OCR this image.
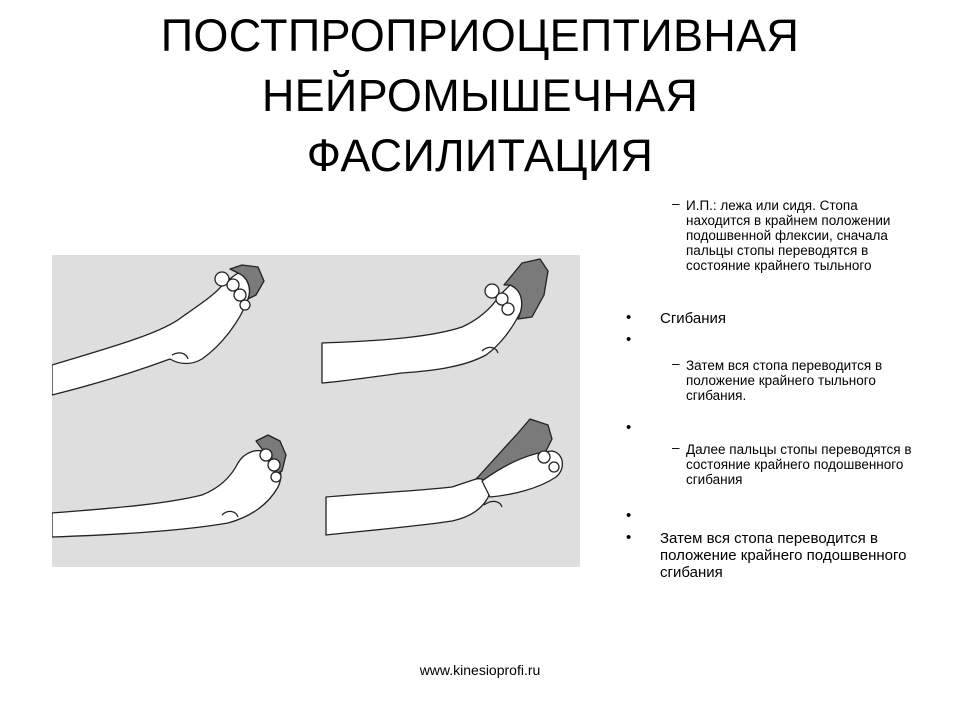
ПОСТПРОПРИОЦЕПТИВНАЯ
НЕЙРОМЫШЕЧНАЯ
ФАСИЛИТАЦИЯ
– И.П.: лежа или сидя. Стопа находится в крайнем положении подошвенной флексии, сначала пальцы стопы переводятся в состояние крайнего тыльного
• Сгибания
•
– Затем вся стопа переводится в положение крайнего тыльного сгибания.
•
– Далее пальцы стопы переводятся в состояние крайнего подошвенного сгибания
•
• Затем вся стопа переводится в положение крайнего подошвенного сгибания
www.kinesioprofi.ru
